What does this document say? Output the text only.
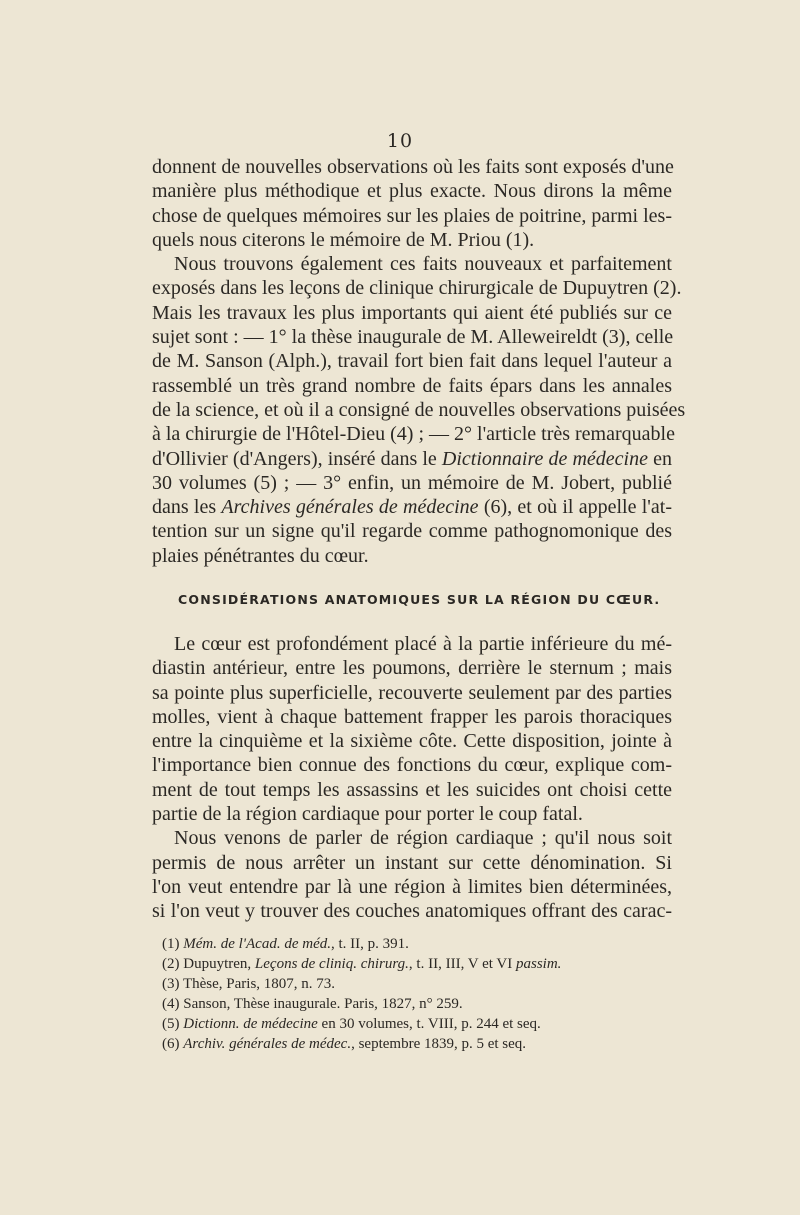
10
donnent de nouvelles observations où les faits sont exposés d'une
manière plus méthodique et plus exacte. Nous dirons la même
chose de quelques mémoires sur les plaies de poitrine, parmi les-
quels nous citerons le mémoire de M. Priou (1).
Nous trouvons également ces faits nouveaux et parfaitement
exposés dans les leçons de clinique chirurgicale de Dupuytren (2).
Mais les travaux les plus importants qui aient été publiés sur ce
sujet sont : — 1° la thèse inaugurale de M. Alleweireldt (3), celle
de M. Sanson (Alph.), travail fort bien fait dans lequel l'auteur a
rassemblé un très grand nombre de faits épars dans les annales
de la science, et où il a consigné de nouvelles observations puisées
à la chirurgie de l'Hôtel-Dieu (4) ; — 2° l'article très remarquable
d'Ollivier (d'Angers), inséré dans le Dictionnaire de médecine en
30 volumes (5) ; — 3° enfin, un mémoire de M. Jobert, publié
dans les Archives générales de médecine (6), et où il appelle l'at-
tention sur un signe qu'il regarde comme pathognomonique des
plaies pénétrantes du cœur.
CONSIDÉRATIONS ANATOMIQUES SUR LA RÉGION DU CŒUR.
Le cœur est profondément placé à la partie inférieure du mé-
diastin antérieur, entre les poumons, derrière le sternum ; mais
sa pointe plus superficielle, recouverte seulement par des parties
molles, vient à chaque battement frapper les parois thoraciques
entre la cinquième et la sixième côte. Cette disposition, jointe à
l'importance bien connue des fonctions du cœur, explique com-
ment de tout temps les assassins et les suicides ont choisi cette
partie de la région cardiaque pour porter le coup fatal.
Nous venons de parler de région cardiaque ; qu'il nous soit
permis de nous arrêter un instant sur cette dénomination. Si
l'on veut entendre par là une région à limites bien déterminées,
si l'on veut y trouver des couches anatomiques offrant des carac-
(1) Mém. de l'Acad. de méd., t. II, p. 391.
(2) Dupuytren, Leçons de cliniq. chirurg., t. II, III, V et VI passim.
(3) Thèse, Paris, 1807, n. 73.
(4) Sanson, Thèse inaugurale. Paris, 1827, n° 259.
(5) Dictionn. de médecine en 30 volumes, t. VIII, p. 244 et seq.
(6) Archiv. générales de médec., septembre 1839, p. 5 et seq.
